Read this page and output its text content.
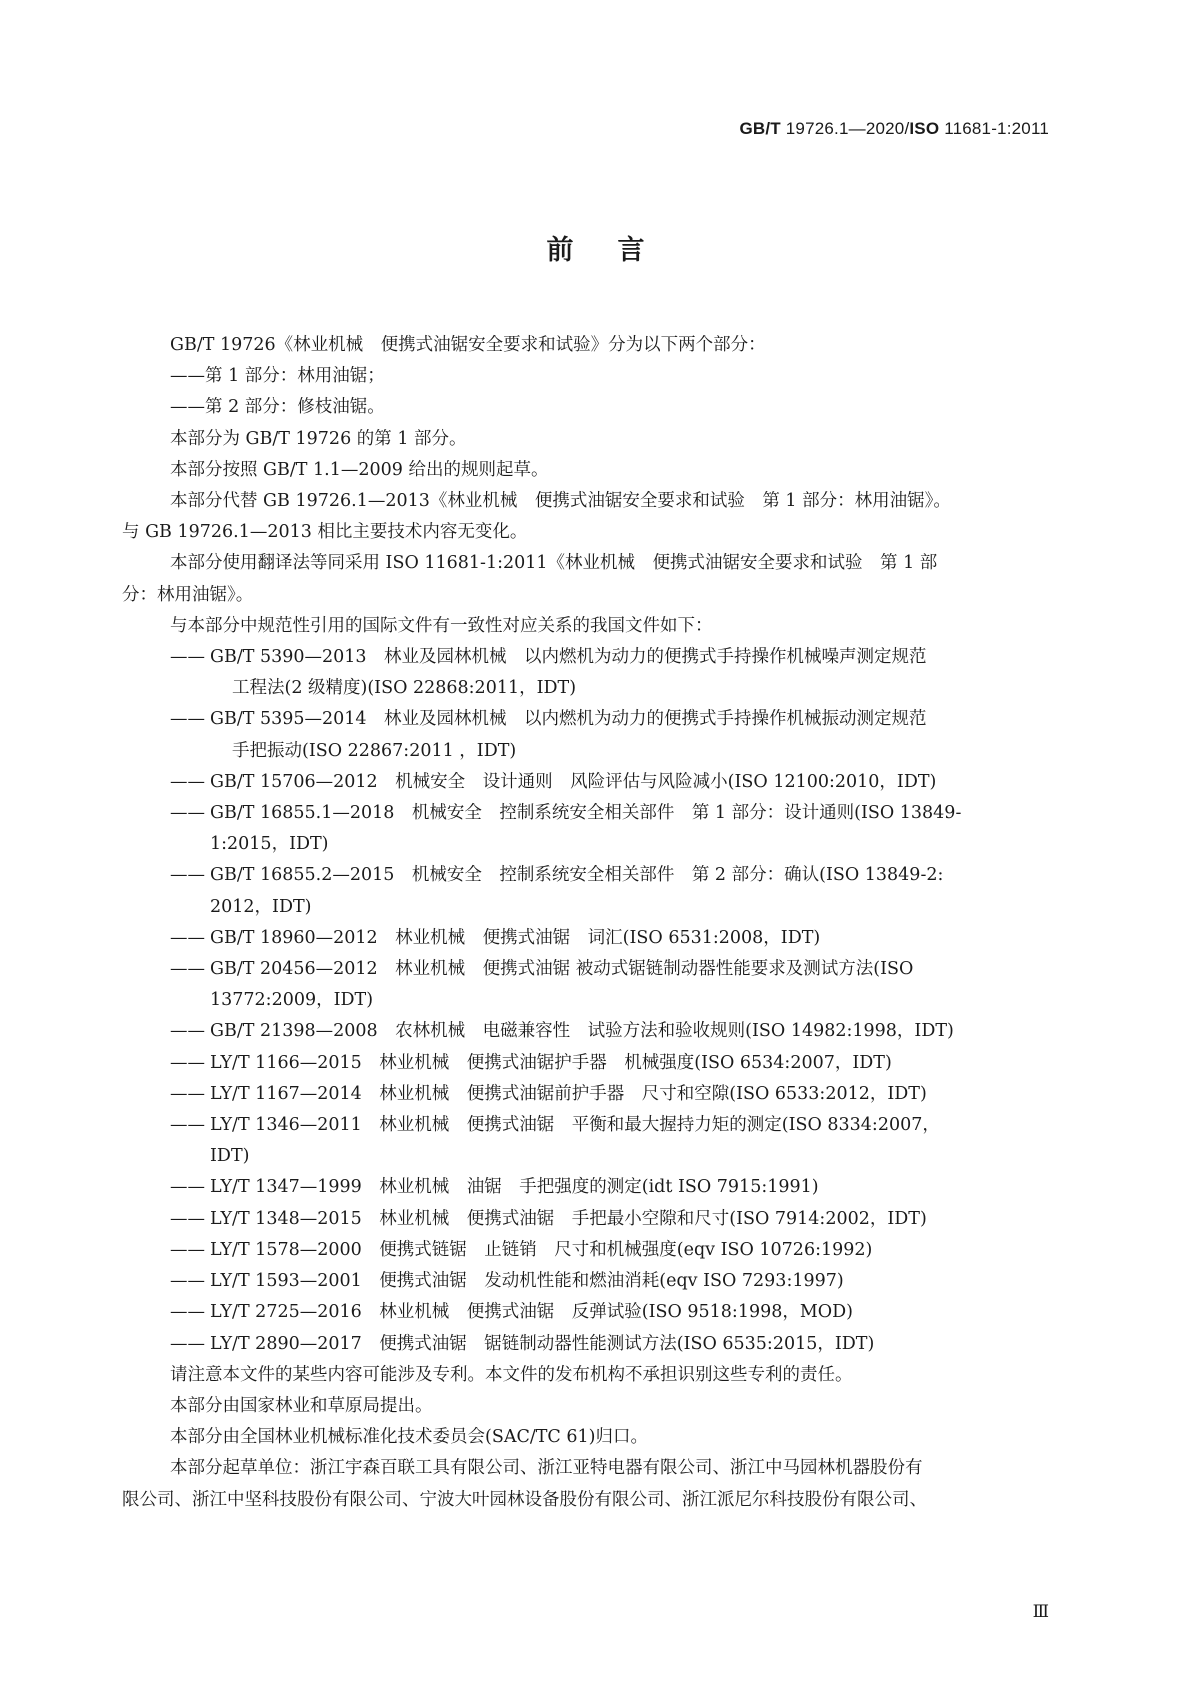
GB/T 19726.1—2020/ISO 11681-1:2011
前言
GB/T 19726《林业机械　便携式油锯安全要求和试验》分为以下两个部分：
——第 1 部分：林用油锯；
——第 2 部分：修枝油锯。
本部分为 GB/T 19726 的第 1 部分。
本部分按照 GB/T 1.1—2009 给出的规则起草。
本部分代替 GB 19726.1—2013《林业机械　便携式油锯安全要求和试验　第 1 部分：林用油锯》。
与 GB 19726.1—2013 相比主要技术内容无变化。
本部分使用翻译法等同采用 ISO 11681-1:2011《林业机械　便携式油锯安全要求和试验　第 1 部
分：林用油锯》。
与本部分中规范性引用的国际文件有一致性对应关系的我国文件如下：
—— GB/T 5390—2013　林业及园林机械　以内燃机为动力的便携式手持操作机械噪声测定规范
工程法(2 级精度)(ISO 22868:2011，IDT)
—— GB/T 5395—2014　林业及园林机械　以内燃机为动力的便携式手持操作机械振动测定规范
手把振动(ISO 22867:2011 ，IDT)
—— GB/T 15706—2012　机械安全　设计通则　风险评估与风险减小(ISO 12100:2010，IDT)
—— GB/T 16855.1—2018　机械安全　控制系统安全相关部件　第 1 部分：设计通则(ISO 13849-
1:2015，IDT)
—— GB/T 16855.2—2015　机械安全　控制系统安全相关部件　第 2 部分：确认(ISO 13849-2:
2012，IDT)
—— GB/T 18960—2012　林业机械　便携式油锯　词汇(ISO 6531:2008，IDT)
—— GB/T 20456—2012　林业机械　便携式油锯 被动式锯链制动器性能要求及测试方法(ISO
13772:2009，IDT)
—— GB/T 21398—2008　农林机械　电磁兼容性　试验方法和验收规则(ISO 14982:1998，IDT)
—— LY/T 1166—2015　林业机械　便携式油锯护手器　机械强度(ISO 6534:2007，IDT)
—— LY/T 1167—2014　林业机械　便携式油锯前护手器　尺寸和空隙(ISO 6533:2012，IDT)
—— LY/T 1346—2011　林业机械　便携式油锯　平衡和最大握持力矩的测定(ISO 8334:2007，
IDT)
—— LY/T 1347—1999　林业机械　油锯　手把强度的测定(idt ISO 7915:1991)
—— LY/T 1348—2015　林业机械　便携式油锯　手把最小空隙和尺寸(ISO 7914:2002，IDT)
—— LY/T 1578—2000　便携式链锯　止链销　尺寸和机械强度(eqv ISO 10726:1992)
—— LY/T 1593—2001　便携式油锯　发动机性能和燃油消耗(eqv ISO 7293:1997)
—— LY/T 2725—2016　林业机械　便携式油锯　反弹试验(ISO 9518:1998，MOD)
—— LY/T 2890—2017　便携式油锯　锯链制动器性能测试方法(ISO 6535:2015，IDT)
请注意本文件的某些内容可能涉及专利。本文件的发布机构不承担识别这些专利的责任。
本部分由国家林业和草原局提出。
本部分由全国林业机械标准化技术委员会(SAC/TC 61)归口。
本部分起草单位：浙江宇森百联工具有限公司、浙江亚特电器有限公司、浙江中马园林机器股份有
限公司、浙江中坚科技股份有限公司、宁波大叶园林设备股份有限公司、浙江派尼尔科技股份有限公司、
Ⅲ
